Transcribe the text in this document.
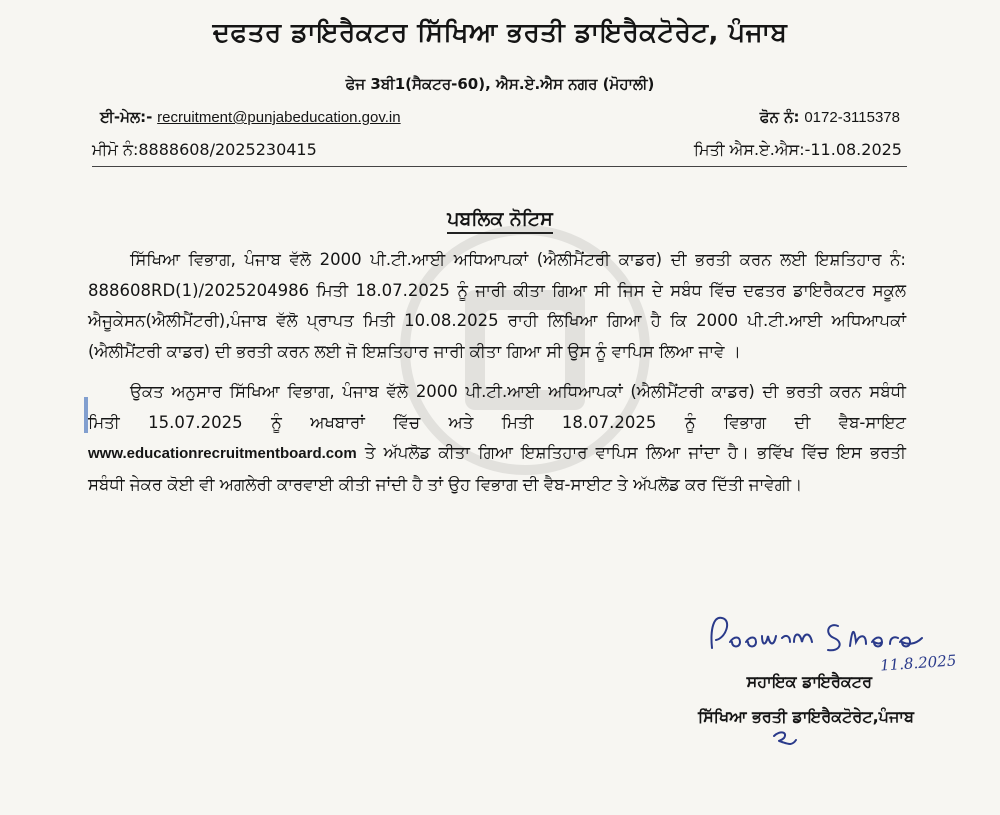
ਦਫਤਰ ਡਾਇਰੈਕਟਰ ਸਿੱਖਿਆ ਭਰਤੀ ਡਾਇਰੈਕਟੋਰੇਟ, ਪੰਜਾਬ
ਫੇਜ 3ਬੀ1(ਸੈਕਟਰ-60), ਐਸ.ਏ.ਐਸ ਨਗਰ (ਮੋਹਾਲੀ)
ਈ-ਮੇਲ:- recruitment@punjabeducation.gov.in	ਫੋਨ ਨੰ: 0172-3115378
ਮੀਮੋ ਨੰ:8888608/2025230415	ਮਿਤੀ ਐਸ.ਏ.ਐਸ:-11.08.2025
ਪਬਲਿਕ ਨੋਟਿਸ

ਸਿੱਖਿਆ ਵਿਭਾਗ, ਪੰਜਾਬ ਵੱਲੋ 2000 ਪੀ.ਟੀ.ਆਈ ਅਧਿਆਪਕਾਂ (ਐਲੀਮੈਂਟਰੀ ਕਾਡਰ) ਦੀ ਭਰਤੀ ਕਰਨ ਲਈ ਇਸ਼ਤਿਹਾਰ ਨੰ: 888608RD(1)/2025204986 ਮਿਤੀ 18.07.2025 ਨੂੰ ਜਾਰੀ ਕੀਤਾ ਗਿਆ ਸੀ ਜਿਸ ਦੇ ਸਬੰਧ ਵਿੱਚ ਦਫਤਰ ਡਾਇਰੈਕਟਰ ਸਕੂਲ ਐਜੂਕੇਸਨ(ਐਲੀਮੈਂਟਰੀ),ਪੰਜਾਬ ਵੱਲੋ ਪ੍ਰਾਪਤ ਮਿਤੀ 10.08.2025 ਰਾਹੀ ਲਿਖਿਆ ਗਿਆ ਹੈ ਕਿ 2000 ਪੀ.ਟੀ.ਆਈ ਅਧਿਆਪਕਾਂ (ਐਲੀਮੈਂਟਰੀ ਕਾਡਰ) ਦੀ ਭਰਤੀ ਕਰਨ ਲਈ ਜੋ ਇਸ਼ਤਿਹਾਰ ਜਾਰੀ ਕੀਤਾ ਗਿਆ ਸੀ ਉਸ ਨੂੰ ਵਾਪਿਸ ਲਿਆ ਜਾਵੇ ।

ਉਕਤ ਅਨੁਸਾਰ ਸਿੱਖਿਆ ਵਿਭਾਗ, ਪੰਜਾਬ ਵੱਲੋ 2000 ਪੀ.ਟੀ.ਆਈ ਅਧਿਆਪਕਾਂ (ਐਲੀਮੈਂਟਰੀ ਕਾਡਰ) ਦੀ ਭਰਤੀ ਕਰਨ ਸਬੰਧੀ ਮਿਤੀ 15.07.2025 ਨੂੰ ਅਖਬਾਰਾਂ ਵਿੱਚ ਅਤੇ ਮਿਤੀ 18.07.2025 ਨੂੰ ਵਿਭਾਗ ਦੀ ਵੈਬ-ਸਾਇਟ www.educationrecruitmentboard.com ਤੇ ਅੱਪਲੋਡ ਕੀਤਾ ਗਿਆ ਇਸ਼ਤਿਹਾਰ ਵਾਪਿਸ ਲਿਆ ਜਾਂਦਾ ਹੈ। ਭਵਿੱਖ ਵਿੱਚ ਇਸ ਭਰਤੀ ਸਬੰਧੀ ਜੇਕਰ ਕੋਈ ਵੀ ਅਗਲੇਰੀ ਕਾਰਵਾਈ ਕੀਤੀ ਜਾਂਦੀ ਹੈ ਤਾਂ ਉਹ ਵਿਭਾਗ ਦੀ ਵੈਬ-ਸਾਈਟ ਤੇ ਅੱਪਲੋਡ ਕਰ ਦਿੱਤੀ ਜਾਵੇਗੀ।

ਸਹਾਇਕ ਡਾਇਰੈਕਟਰ
11.8.2025
ਸਿੱਖਿਆ ਭਰਤੀ ਡਾਇਰੈਕਟੋਰੇਟ,ਪੰਜਾਬ
